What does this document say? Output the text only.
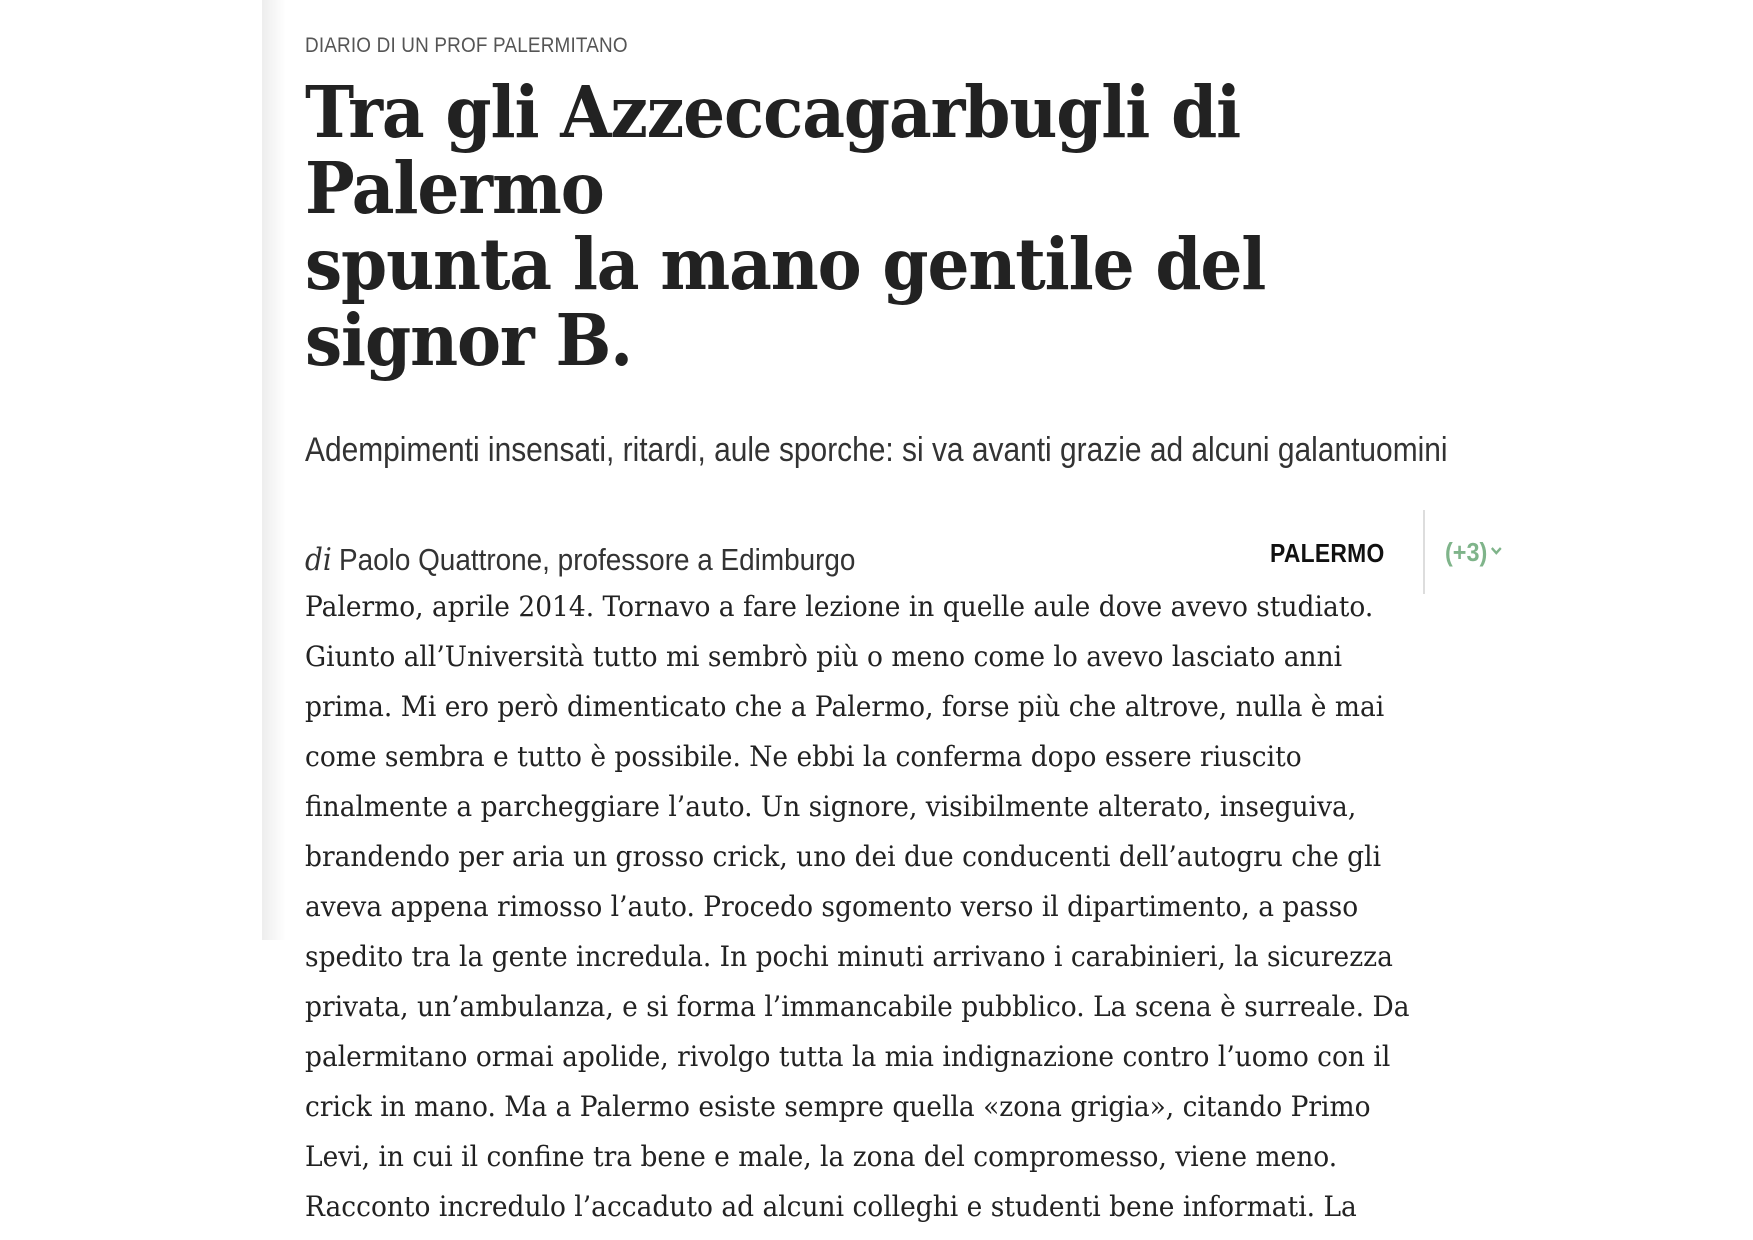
DIARIO DI UN PROF PALERMITANO

Tra gli Azzeccagarbugli di Palermo
spunta la mano gentile del signor B.

Adempimenti insensati, ritardi, aule sporche: si va avanti grazie ad alcuni galantuomini

di Paolo Quattrone, professore a Edimburgo	PALERMO (+3)
Palermo, aprile 2014. Tornavo a fare lezione in quelle aule dove avevo studiato.
Giunto all’Università tutto mi sembrò più o meno come lo avevo lasciato anni
prima. Mi ero però dimenticato che a Palermo, forse più che altrove, nulla è mai
come sembra e tutto è possibile. Ne ebbi la conferma dopo essere riuscito
finalmente a parcheggiare l’auto. Un signore, visibilmente alterato, inseguiva,
brandendo per aria un grosso crick, uno dei due conducenti dell’autogru che gli
aveva appena rimosso l’auto. Procedo sgomento verso il dipartimento, a passo
spedito tra la gente incredula. In pochi minuti arrivano i carabinieri, la sicurezza
privata, un’ambulanza, e si forma l’immancabile pubblico. La scena è surreale. Da
palermitano ormai apolide, rivolgo tutta la mia indignazione contro l’uomo con il
crick in mano. Ma a Palermo esiste sempre quella «zona grigia», citando Primo
Levi, in cui il confine tra bene e male, la zona del compromesso, viene meno.
Racconto incredulo l’accaduto ad alcuni colleghi e studenti bene informati. La
